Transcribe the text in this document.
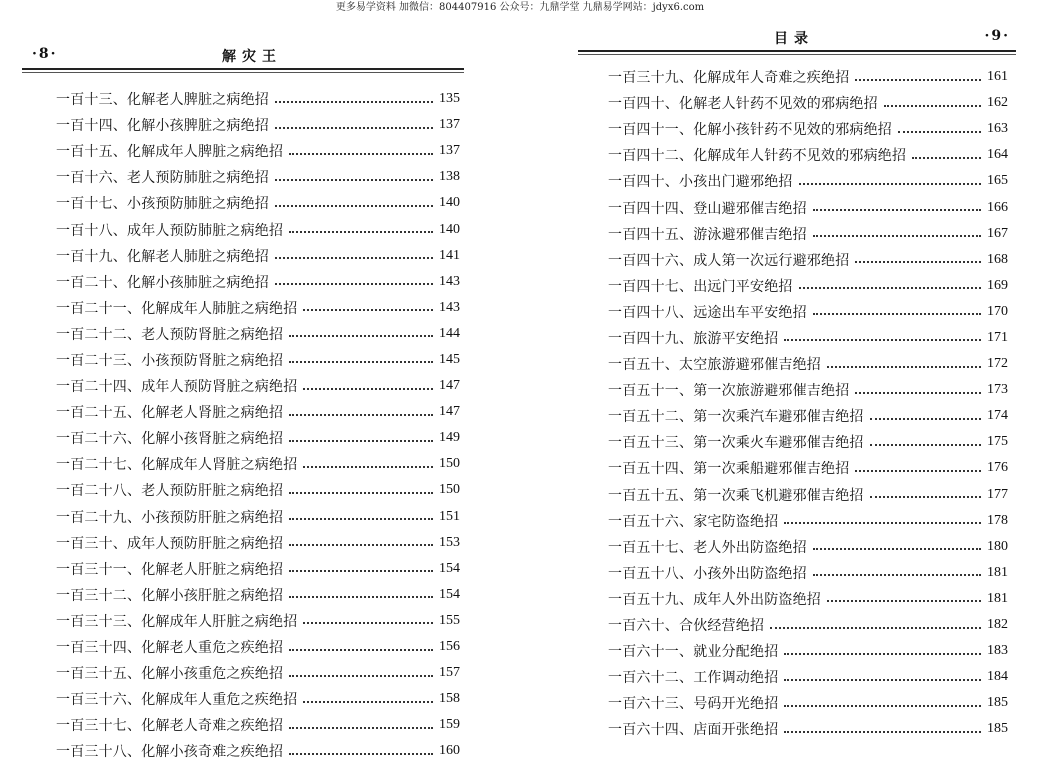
更多易学资料 加微信：804407916 公众号：九鼎学堂 九鼎易学网站：jdyx6.com
·8·	解灾王
一百十三、化解老人脾脏之病绝招	135
一百十四、化解小孩脾脏之病绝招	137
一百十五、化解成年人脾脏之病绝招	137
一百十六、老人预防肺脏之病绝招	138
一百十七、小孩预防肺脏之病绝招	140
一百十八、成年人预防肺脏之病绝招	140
一百十九、化解老人肺脏之病绝招	141
一百二十、化解小孩肺脏之病绝招	143
一百二十一、化解成年人肺脏之病绝招	143
一百二十二、老人预防肾脏之病绝招	144
一百二十三、小孩预防肾脏之病绝招	145
一百二十四、成年人预防肾脏之病绝招	147
一百二十五、化解老人肾脏之病绝招	147
一百二十六、化解小孩肾脏之病绝招	149
一百二十七、化解成年人肾脏之病绝招	150
一百二十八、老人预防肝脏之病绝招	150
一百二十九、小孩预防肝脏之病绝招	151
一百三十、成年人预防肝脏之病绝招	153
一百三十一、化解老人肝脏之病绝招	154
一百三十二、化解小孩肝脏之病绝招	154
一百三十三、化解成年人肝脏之病绝招	155
一百三十四、化解老人重危之疾绝招	156
一百三十五、化解小孩重危之疾绝招	157
一百三十六、化解成年人重危之疾绝招	158
一百三十七、化解老人奇难之疾绝招	159
一百三十八、化解小孩奇难之疾绝招	160
目录	·9·
一百三十九、化解成年人奇难之疾绝招	161
一百四十、化解老人针药不见效的邪病绝招	162
一百四十一、化解小孩针药不见效的邪病绝招	163
一百四十二、化解成年人针药不见效的邪病绝招	164
一百四十、小孩出门避邪绝招	165
一百四十四、登山避邪催吉绝招	166
一百四十五、游泳避邪催吉绝招	167
一百四十六、成人第一次远行避邪绝招	168
一百四十七、出远门平安绝招	169
一百四十八、远途出车平安绝招	170
一百四十九、旅游平安绝招	171
一百五十、太空旅游避邪催吉绝招	172
一百五十一、第一次旅游避邪催吉绝招	173
一百五十二、第一次乘汽车避邪催吉绝招	174
一百五十三、第一次乘火车避邪催吉绝招	175
一百五十四、第一次乘船避邪催吉绝招	176
一百五十五、第一次乘飞机避邪催吉绝招	177
一百五十六、家宅防盗绝招	178
一百五十七、老人外出防盗绝招	180
一百五十八、小孩外出防盗绝招	181
一百五十九、成年人外出防盗绝招	181
一百六十、合伙经营绝招	182
一百六十一、就业分配绝招	183
一百六十二、工作调动绝招	184
一百六十三、号码开光绝招	185
一百六十四、店面开张绝招	185
